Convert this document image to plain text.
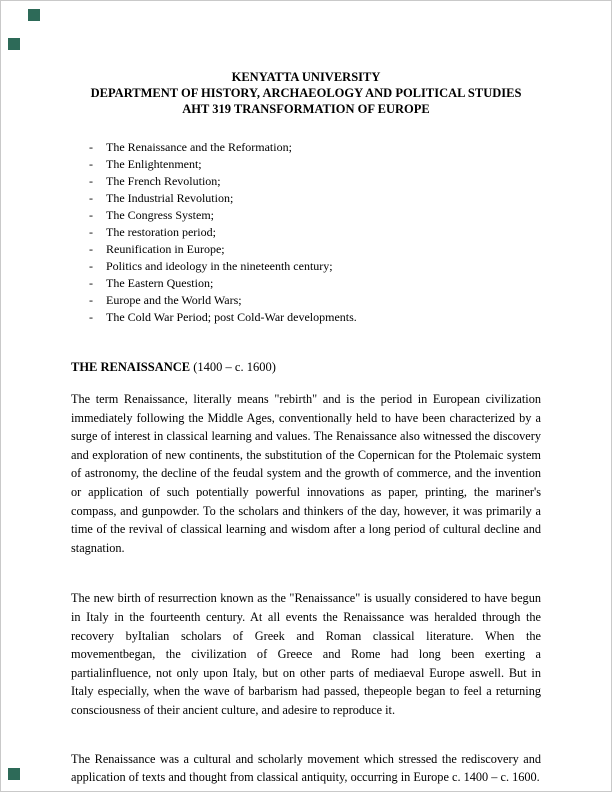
KENYATTA UNIVERSITY
DEPARTMENT OF HISTORY, ARCHAEOLOGY AND POLITICAL STUDIES
AHT 319 TRANSFORMATION OF EUROPE
-	The Renaissance and the Reformation;
-	The Enlightenment;
-	The French Revolution;
-	The Industrial Revolution;
-	The Congress System;
-	The restoration period;
-	Reunification in Europe;
-	Politics and ideology in the nineteenth century;
-	The Eastern Question;
-	Europe and the World Wars;
-	The Cold War Period; post Cold-War developments.
THE RENAISSANCE (1400 – c. 1600)

The term Renaissance, literally means "rebirth" and is the period in European civilization immediately following the Middle Ages, conventionally held to have been characterized by a surge of interest in classical learning and values. The Renaissance also witnessed the discovery and exploration of new continents, the substitution of the Copernican for the Ptolemaic system of astronomy, the decline of the feudal system and the growth of commerce, and the invention or application of such potentially powerful innovations as paper, printing, the mariner's compass, and gunpowder. To the scholars and thinkers of the day, however, it was primarily a time of the revival of classical learning and wisdom after a long period of cultural decline and stagnation.

The new birth of resurrection known as the "Renaissance" is usually considered to have begun in Italy in the fourteenth century. At all events the Renaissance was heralded through the recovery byItalian scholars of Greek and Roman classical literature. When the movementbegan, the civilization of Greece and Rome had long been exerting a partialinfluence, not only upon Italy, but on other parts of mediaeval Europe aswell. But in Italy especially, when the wave of barbarism had passed, thepeople began to feel a returning consciousness of their ancient culture, and adesire to reproduce it.

The Renaissance was a cultural and scholarly movement which stressed the rediscovery and application of texts and thought from classical antiquity, occurring in Europe c. 1400 – c. 1600.
